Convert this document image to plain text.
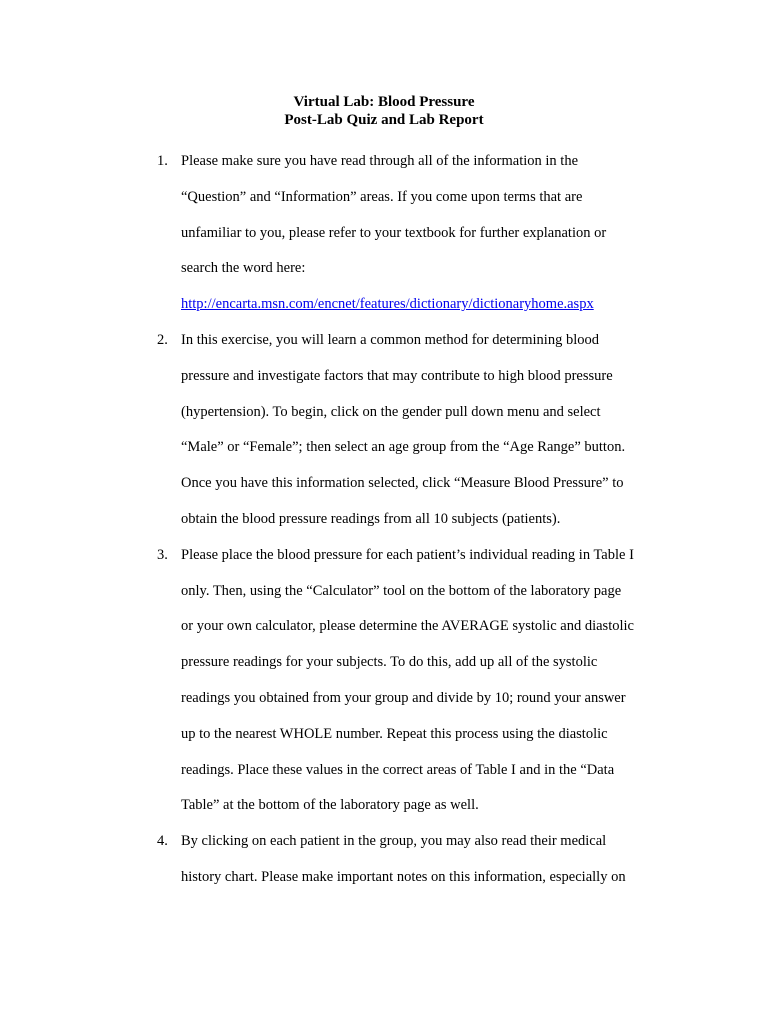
Virtual Lab: Blood Pressure
Post-Lab Quiz and Lab Report
1. Please make sure you have read through all of the information in the
“Question” and “Information” areas. If you come upon terms that are
unfamiliar to you, please refer to your textbook for further explanation or
search the word here:
http://encarta.msn.com/encnet/features/dictionary/dictionaryhome.aspx
2. In this exercise, you will learn a common method for determining blood
pressure and investigate factors that may contribute to high blood pressure
(hypertension). To begin, click on the gender pull down menu and select
“Male” or “Female”; then select an age group from the “Age Range” button.
Once you have this information selected, click “Measure Blood Pressure” to
obtain the blood pressure readings from all 10 subjects (patients).
3. Please place the blood pressure for each patient’s individual reading in Table I
only. Then, using the “Calculator” tool on the bottom of the laboratory page
or your own calculator, please determine the AVERAGE systolic and diastolic
pressure readings for your subjects. To do this, add up all of the systolic
readings you obtained from your group and divide by 10; round your answer
up to the nearest WHOLE number. Repeat this process using the diastolic
readings. Place these values in the correct areas of Table I and in the “Data
Table” at the bottom of the laboratory page as well.
4. By clicking on each patient in the group, you may also read their medical
history chart. Please make important notes on this information, especially on
